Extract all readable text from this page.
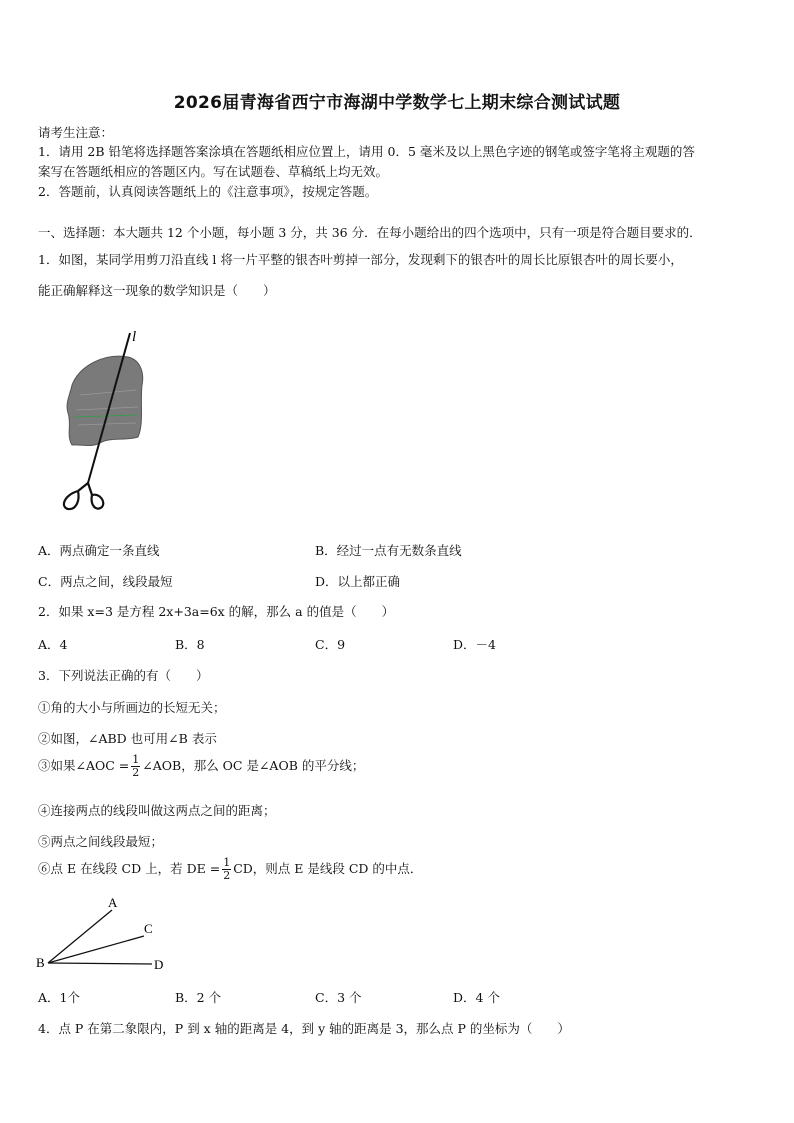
2026届青海省西宁市海湖中学数学七上期末综合测试试题
请考生注意：
1．请用 2B 铅笔将选择题答案涂填在答题纸相应位置上，请用 0．5 毫米及以上黑色字迹的钢笔或签字笔将主观题的答
案写在答题纸相应的答题区内。写在试题卷、草稿纸上均无效。
2．答题前，认真阅读答题纸上的《注意事项》，按规定答题。
一、选择题：本大题共 12 个小题，每小题 3 分，共 36 分．在每小题给出的四个选项中，只有一项是符合题目要求的．
1．如图，某同学用剪刀沿直线 l 将一片平整的银杏叶剪掉一部分，发现剩下的银杏叶的周长比原银杏叶的周长要小，
能正确解释这一现象的数学知识是（　　）
l
A．两点确定一条直线	B．经过一点有无数条直线
C．两点之间，线段最短	D．以上都正确
2．如果 x=3 是方程 2x+3a=6x 的解，那么 a 的值是（　　）
A．4	B．8	C．9	D．－4
3．下列说法正确的有（　　）
①角的大小与所画边的长短无关；
②如图，∠ABD 也可用∠B 表示
③如果∠AOC = $\frac{1}{2}$ ∠AOB，那么 OC 是∠AOB 的平分线；
④连接两点的线段叫做这两点之间的距离；
⑤两点之间线段最短；
⑥点 E 在线段 CD 上，若 DE = $\frac{1}{2}$ CD，则点 E 是线段 CD 的中点．
A
C
B	D
A．1个	B．2 个	C．3 个	D．4 个
4．点 P 在第二象限内，P 到 x 轴的距离是 4，到 y 轴的距离是 3，那么点 P 的坐标为（　　）
